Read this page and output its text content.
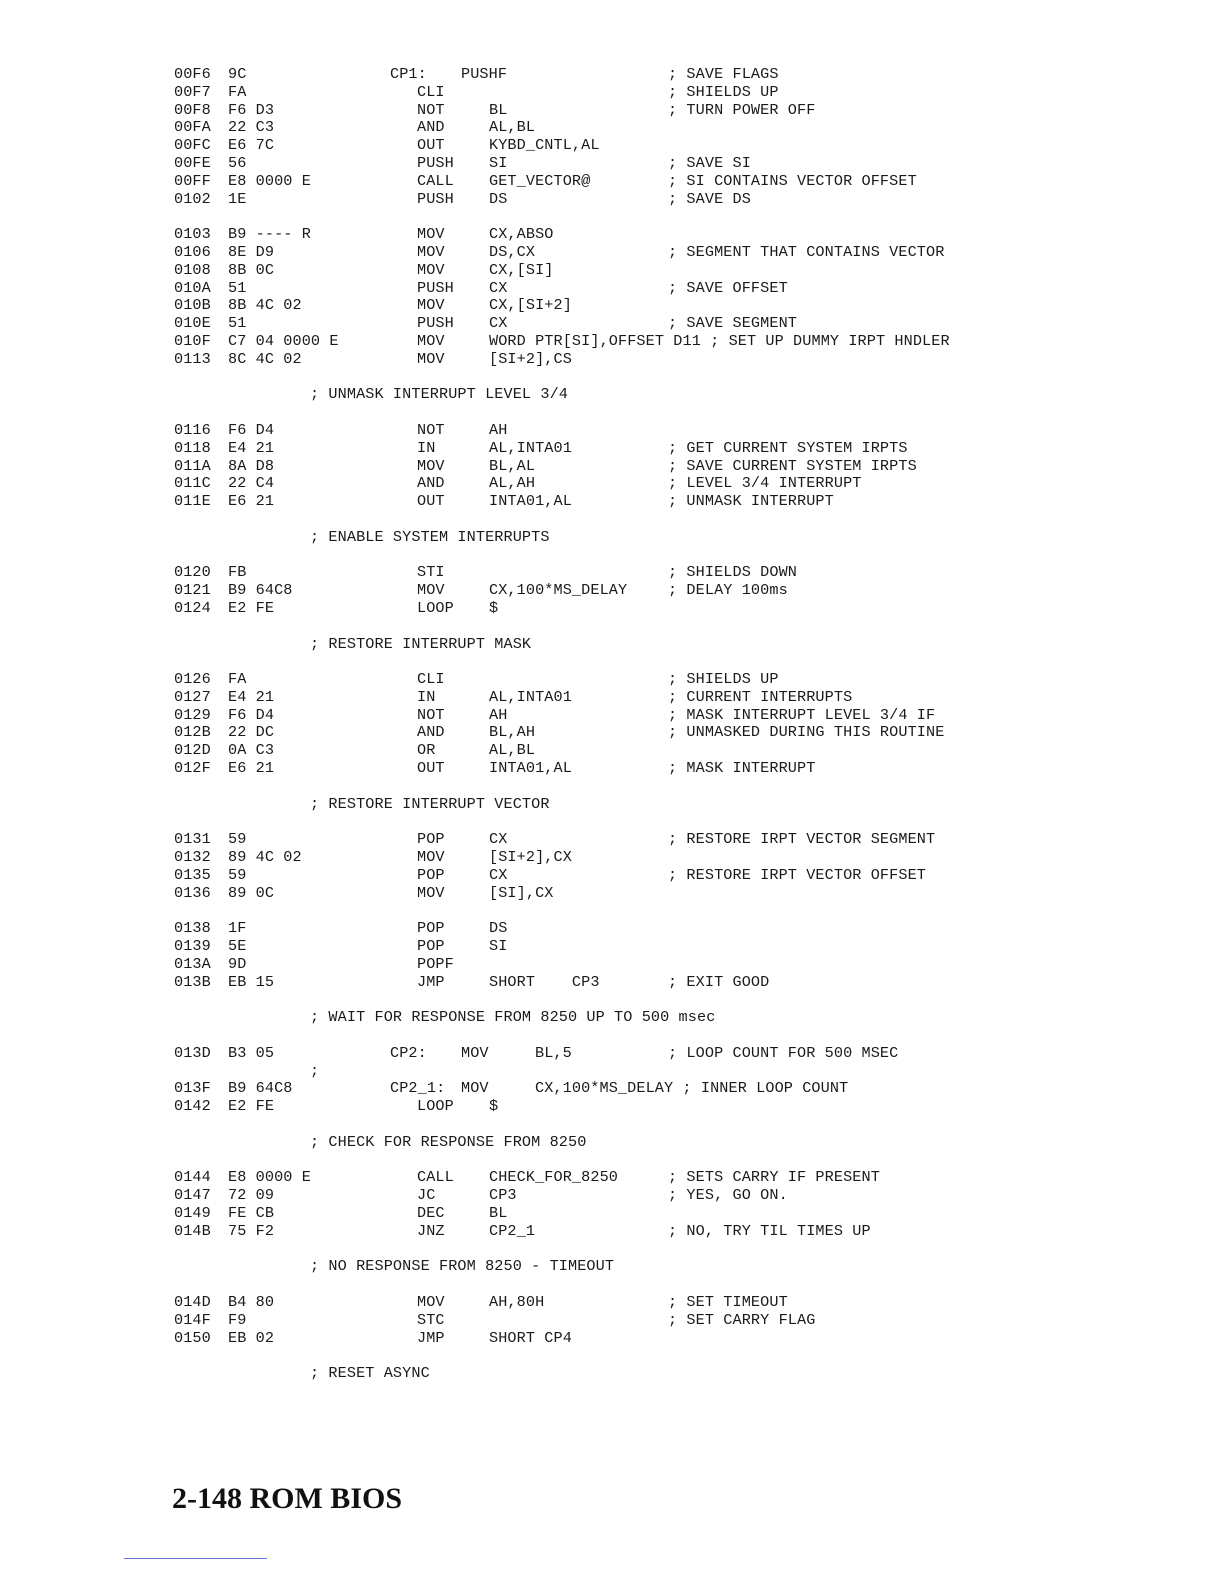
00F6 9C	CP1: PUSHF	; SAVE FLAGS
00F7 FA	CLI	; SHIELDS UP
00F8 F6 D3	NOT	BL	; TURN POWER OFF
00FA 22 C3	AND	AL,BL
00FC E6 7C	OUT	KYBD_CNTL,AL
00FE 56	PUSH SI	; SAVE SI
00FF E8 0000 E	CALL GET_VECTOR@	; SI CONTAINS VECTOR OFFSET
0102 1E	PUSH DS	; SAVE DS
0103 B9 ---- R	MOV	CX,ABSO
0106 8E D9	MOV	DS,CX	; SEGMENT THAT CONTAINS VECTOR
0108 8B 0C	MOV	CX,[SI]
010A 51	PUSH CX	; SAVE OFFSET
010B 8B 4C 02	MOV	CX,[SI+2]
010E 51	PUSH CX	; SAVE SEGMENT
010F C7 04 0000 E	MOV	WORD PTR[SI],OFFSET D11 ; SET UP DUMMY IRPT HNDLER
0113 8C 4C 02	MOV	[SI+2],CS
; UNMASK INTERRUPT LEVEL 3/4
0116 F6 D4	NOT	AH
0118 E4 21	IN	AL,INTA01	; GET CURRENT SYSTEM IRPTS
011A 8A D8	MOV	BL,AL	; SAVE CURRENT SYSTEM IRPTS
011C 22 C4	AND	AL,AH	; LEVEL 3/4 INTERRUPT
011E E6 21	OUT	INTA01,AL	; UNMASK INTERRUPT
; ENABLE SYSTEM INTERRUPTS
0120 FB	STI	; SHIELDS DOWN
0121 B9 64C8	MOV	CX,100*MS_DELAY	; DELAY 100ms
0124 E2 FE	LOOP $
; RESTORE INTERRUPT MASK
0126 FA	CLI	; SHIELDS UP
0127 E4 21	IN	AL,INTA01	; CURRENT INTERRUPTS
0129 F6 D4	NOT	AH	; MASK INTERRUPT LEVEL 3/4 IF
012B 22 DC	AND	BL,AH	; UNMASKED DURING THIS ROUTINE
012D 0A C3	OR	AL,BL
012F E6 21	OUT	INTA01,AL	; MASK INTERRUPT
; RESTORE INTERRUPT VECTOR
0131 59	POP	CX	; RESTORE IRPT VECTOR SEGMENT
0132 89 4C 02	MOV	[SI+2],CX
0135 59	POP	CX	; RESTORE IRPT VECTOR OFFSET
0136 89 0C	MOV	[SI],CX
0138 1F	POP	DS
0139 5E	POP	SI
013A 9D	POPF
013B EB 15	JMP	SHORT    CP3	; EXIT GOOD
; WAIT FOR RESPONSE FROM 8250 UP TO 500 msec
013D B3 05	CP2: MOV	BL,5	; LOOP COUNT FOR 500 MSEC
;
013F B9 64C8	CP2_1: MOV	CX,100*MS_DELAY ; INNER LOOP COUNT
0142 E2 FE	LOOP $
; CHECK FOR RESPONSE FROM 8250
0144 E8 0000 E	CALL CHECK_FOR_8250	; SETS CARRY IF PRESENT
0147 72 09	JC	CP3	; YES, GO ON.
0149 FE CB	DEC	BL
014B 75 F2	JNZ	CP2_1	; NO, TRY TIL TIMES UP
; NO RESPONSE FROM 8250 - TIMEOUT
014D B4 80	MOV	AH,80H	; SET TIMEOUT
014F F9	STC	; SET CARRY FLAG
0150 EB 02	JMP	SHORT CP4
; RESET ASYNC
2-148 ROM BIOS
